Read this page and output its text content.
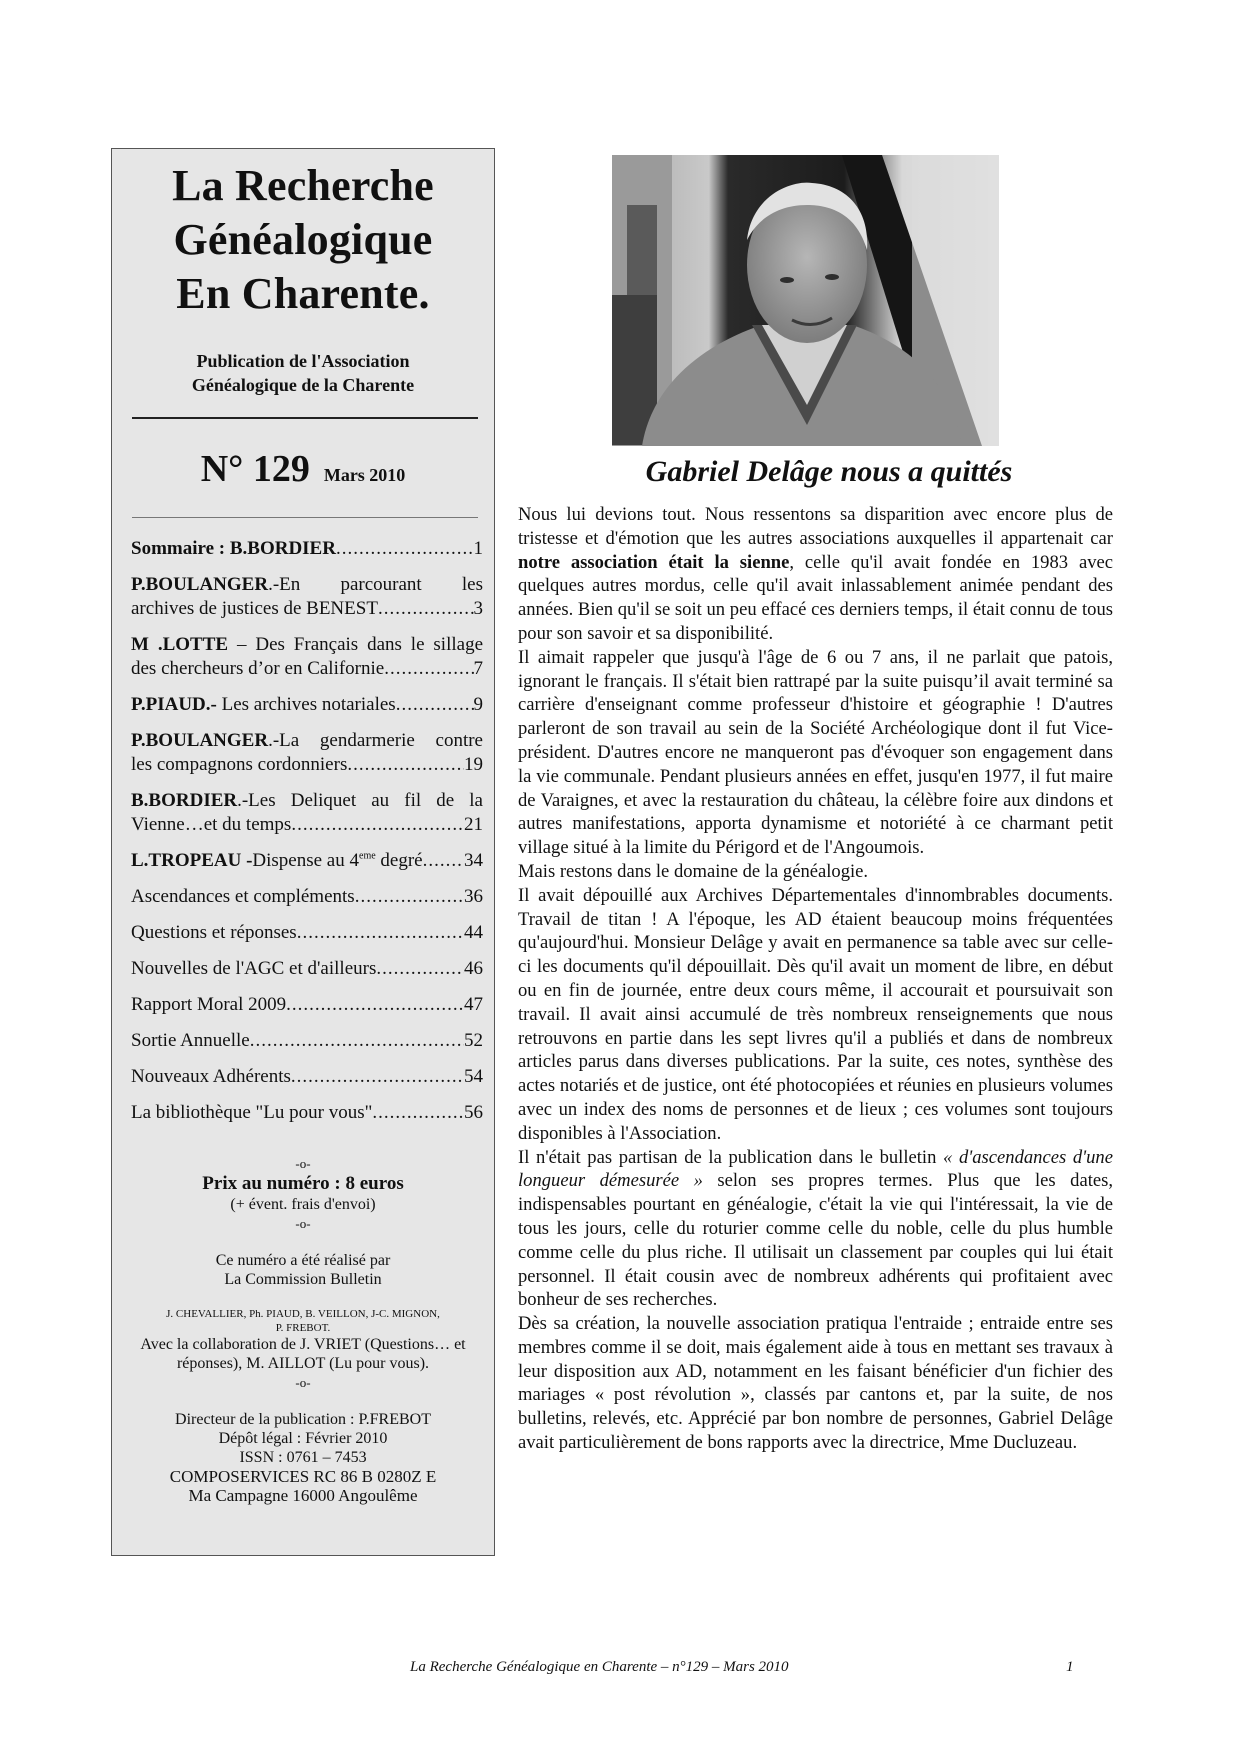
La Recherche
Généalogique
En Charente.
Publication de l'Association
Généalogique de la Charente
N° 129 Mars 2010
Sommaire : B.BORDIER .....	1
P.BOULANGER.-En parcourant les
archives de justices de BENEST .....	3
M .LOTTE – Des Français dans le sillage
des chercheurs d’or en Californie .....	7
P.PIAUD.- Les archives notariales .....	9
P.BOULANGER.-La gendarmerie contre
les compagnons cordonniers .....	19
B.BORDIER.-Les Deliquet au fil de la
Vienne…et du temps .....	21
L.TROPEAU -Dispense au 4eme degré ..... 34
Ascendances et compléments .....	36
Questions et réponses .....	44
Nouvelles de l'AGC et d'ailleurs .....	46
Rapport Moral 2009 .....	47
Sortie Annuelle .....	52
Nouveaux Adhérents .....	54
La bibliothèque "Lu pour vous" .....	56
-o-
Prix au numéro : 8 euros
(+ évent. frais d'envoi)
-o-
Ce numéro a été réalisé par
La Commission Bulletin
J. CHEVALLIER, Ph. PIAUD, B. VEILLON, J-C. MIGNON,
P. FREBOT.
Avec la collaboration de J. VRIET (Questions… et
réponses), M. AILLOT (Lu pour vous).
-o-
Directeur de la publication : P.FREBOT
Dépôt légal : Février 2010
ISSN : 0761 – 7453
COMPOSERVICES RC 86 B 0280Z E
Ma Campagne 16000 Angoulême
Gabriel Delâge nous a quittés

Nous lui devions tout. Nous ressentons sa disparition avec encore plus de tristesse et d'émotion que les autres associations auxquelles il appartenait car notre association était la sienne, celle qu'il avait fondée en 1983 avec quelques autres mordus, celle qu'il avait inlassablement animée pendant des années. Bien qu'il se soit un peu effacé ces derniers temps, il était connu de tous pour son savoir et sa disponibilité.

Il aimait rappeler que jusqu'à l'âge de 6 ou 7 ans, il ne parlait que patois, ignorant le français. Il s'était bien rattrapé par la suite puisqu’il avait terminé sa carrière d'enseignant comme professeur d'histoire et géographie ! D'autres parleront de son travail au sein de la Société Archéologique dont il fut Vice-président. D'autres encore ne manqueront pas d'évoquer son engagement dans la vie communale. Pendant plusieurs années en effet, jusqu'en 1977, il fut maire de Varaignes, et avec la restauration du château, la célèbre foire aux dindons et autres manifestations, apporta dynamisme et notoriété à ce charmant petit village situé à la limite du Périgord et de l'Angoumois.

Mais restons dans le domaine de la généalogie.

Il avait dépouillé aux Archives Départementales d'innombrables documents. Travail de titan ! A l'époque, les AD étaient beaucoup moins fréquentées qu'aujourd'hui. Monsieur Delâge y avait en permanence sa table avec sur celle-ci les documents qu'il dépouillait. Dès qu'il avait un moment de libre, en début ou en fin de journée, entre deux cours même, il accourait et poursuivait son travail. Il avait ainsi accumulé de très nombreux renseignements que nous retrouvons en partie dans les sept livres qu'il a publiés et dans de nombreux articles parus dans diverses publications. Par la suite, ces notes, synthèse des actes notariés et de justice, ont été photocopiées et réunies en plusieurs volumes avec un index des noms de personnes et de lieux ; ces volumes sont toujours disponibles à l'Association.

Il n'était pas partisan de la publication dans le bulletin « d'ascendances d'une longueur démesurée » selon ses propres termes. Plus que les dates, indispensables pourtant en généalogie, c'était la vie qui l'intéressait, la vie de tous les jours, celle du roturier comme celle du noble, celle du plus humble comme celle du plus riche. Il utilisait un classement par couples qui lui était personnel. Il était cousin avec de nombreux adhérents qui profitaient avec bonheur de ses recherches.

Dès sa création, la nouvelle association pratiqua l'entraide ; entraide entre ses membres comme il se doit, mais également aide à tous en mettant ses travaux à leur disposition aux AD, notamment en les faisant bénéficier d'un fichier des mariages « post révolution », classés par cantons et, par la suite, de nos bulletins, relevés, etc. Apprécié par bon nombre de personnes, Gabriel Delâge avait particulièrement de bons rapports avec la directrice, Mme Ducluzeau.

La Recherche Généalogique en Charente – n°129 – Mars 2010	1
